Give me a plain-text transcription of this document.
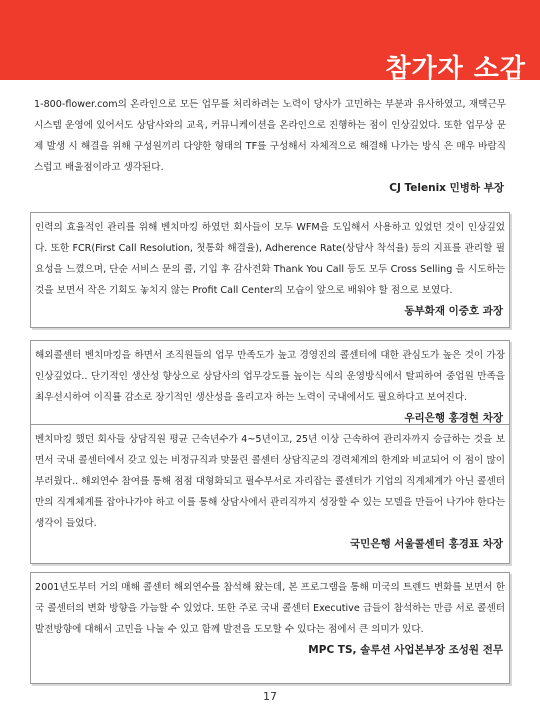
참가자 소감

1-800-flower.com의 온라인으로 모든 업무를 처리하려는 노력이 당사가 고민하는 부분과 유사하였고, 재택근무 시스템 운영에 있어서도 상담사와의 교육, 커뮤니케이션을 온라인으로 진행하는 점이 인상깊었다. 또한 업무상 문제 발생 시 해결을 위해 구성원끼리 다양한 형태의 TF를 구성해서 자체적으로 해결해 나가는 방식 은 매우 바람직스럽고 배울점이라고 생각된다.

CJ Telenix 민병하 부장

인력의 효율적인 관리를 위해 벤치마킹 하였던 회사들이 모두 WFM을 도입해서 사용하고 있었던 것이 인상깊었다. 또한 FCR(First Call Resolution, 첫통화 해결율), Adherence Rate(상담사 착석율) 등의 지표를 관리할 필요성을 느꼈으며, 단순 서비스 문의 콜, 기입 후 감사전화 Thank You Call 등도 모두 Cross Selling 을 시도하는 것을 보면서 작은 기회도 놓치지 않는 Profit Call Center의 모습이 앞으로 배워야 할 점으로 보였다.

동부화재 이중호 과장

해외콜센터 벤치마킹을 하면서 조직원들의 업무 만족도가 높고 경영진의 콜센터에 대한 관심도가 높은 것이 가장 인상깊었다.. 단기적인 생산성 향상으로 상담사의 업무강도를 높이는 식의 운영방식에서 탈피하여 중업원 만족을 최우선시하여 이직률 감소로 장기적인 생산성을 올리고자 하는 노력이 국내에서도 필요하다고 보여진다.

우리은행 홍경현 차장

벤치마킹 했던 회사들 상담직원 평균 근속년수가 4~5년이고, 25년 이상 근속하여 관리자까지 승급하는 것을 보면서 국내 콜센터에서 갖고 있는 비정규직과 맞물린 콜센터 상담직군의 경력체계의 한계와 비교되어 이 점이 많이 부러웠다.. 해외연수 참여를 통해 점점 대형화되고 필수부서로 자리잡는 콜센터가 기업의 직계체계가 아닌 콜센터 만의 직계체계를 잡아나가야 하고 이를 통해 상담사에서 관리직까지 성장할 수 있는 모델을 만들어 나가야 한다는 생각이 들었다.

국민은행 서울콜센터 홍경표 차장

2001년도부터 거의 매해 콜센터 해외연수를 참석해 왔는데, 본 프로그램을 통해 미국의 트렌드 변화를 보면서 한국 콜센터의 변화 방향을 가늠할 수 있었다. 또한 주로 국내 콜센터 Executive 급들이 참석하는 만큼 서로 콜센터 발전방향에 대해서 고민을 나눌 수 있고 함께 발전을 도모할 수 있다는 점에서 큰 의미가 있다.

MPC TS, 솔루션 사업본부장 조성원 전무
17
